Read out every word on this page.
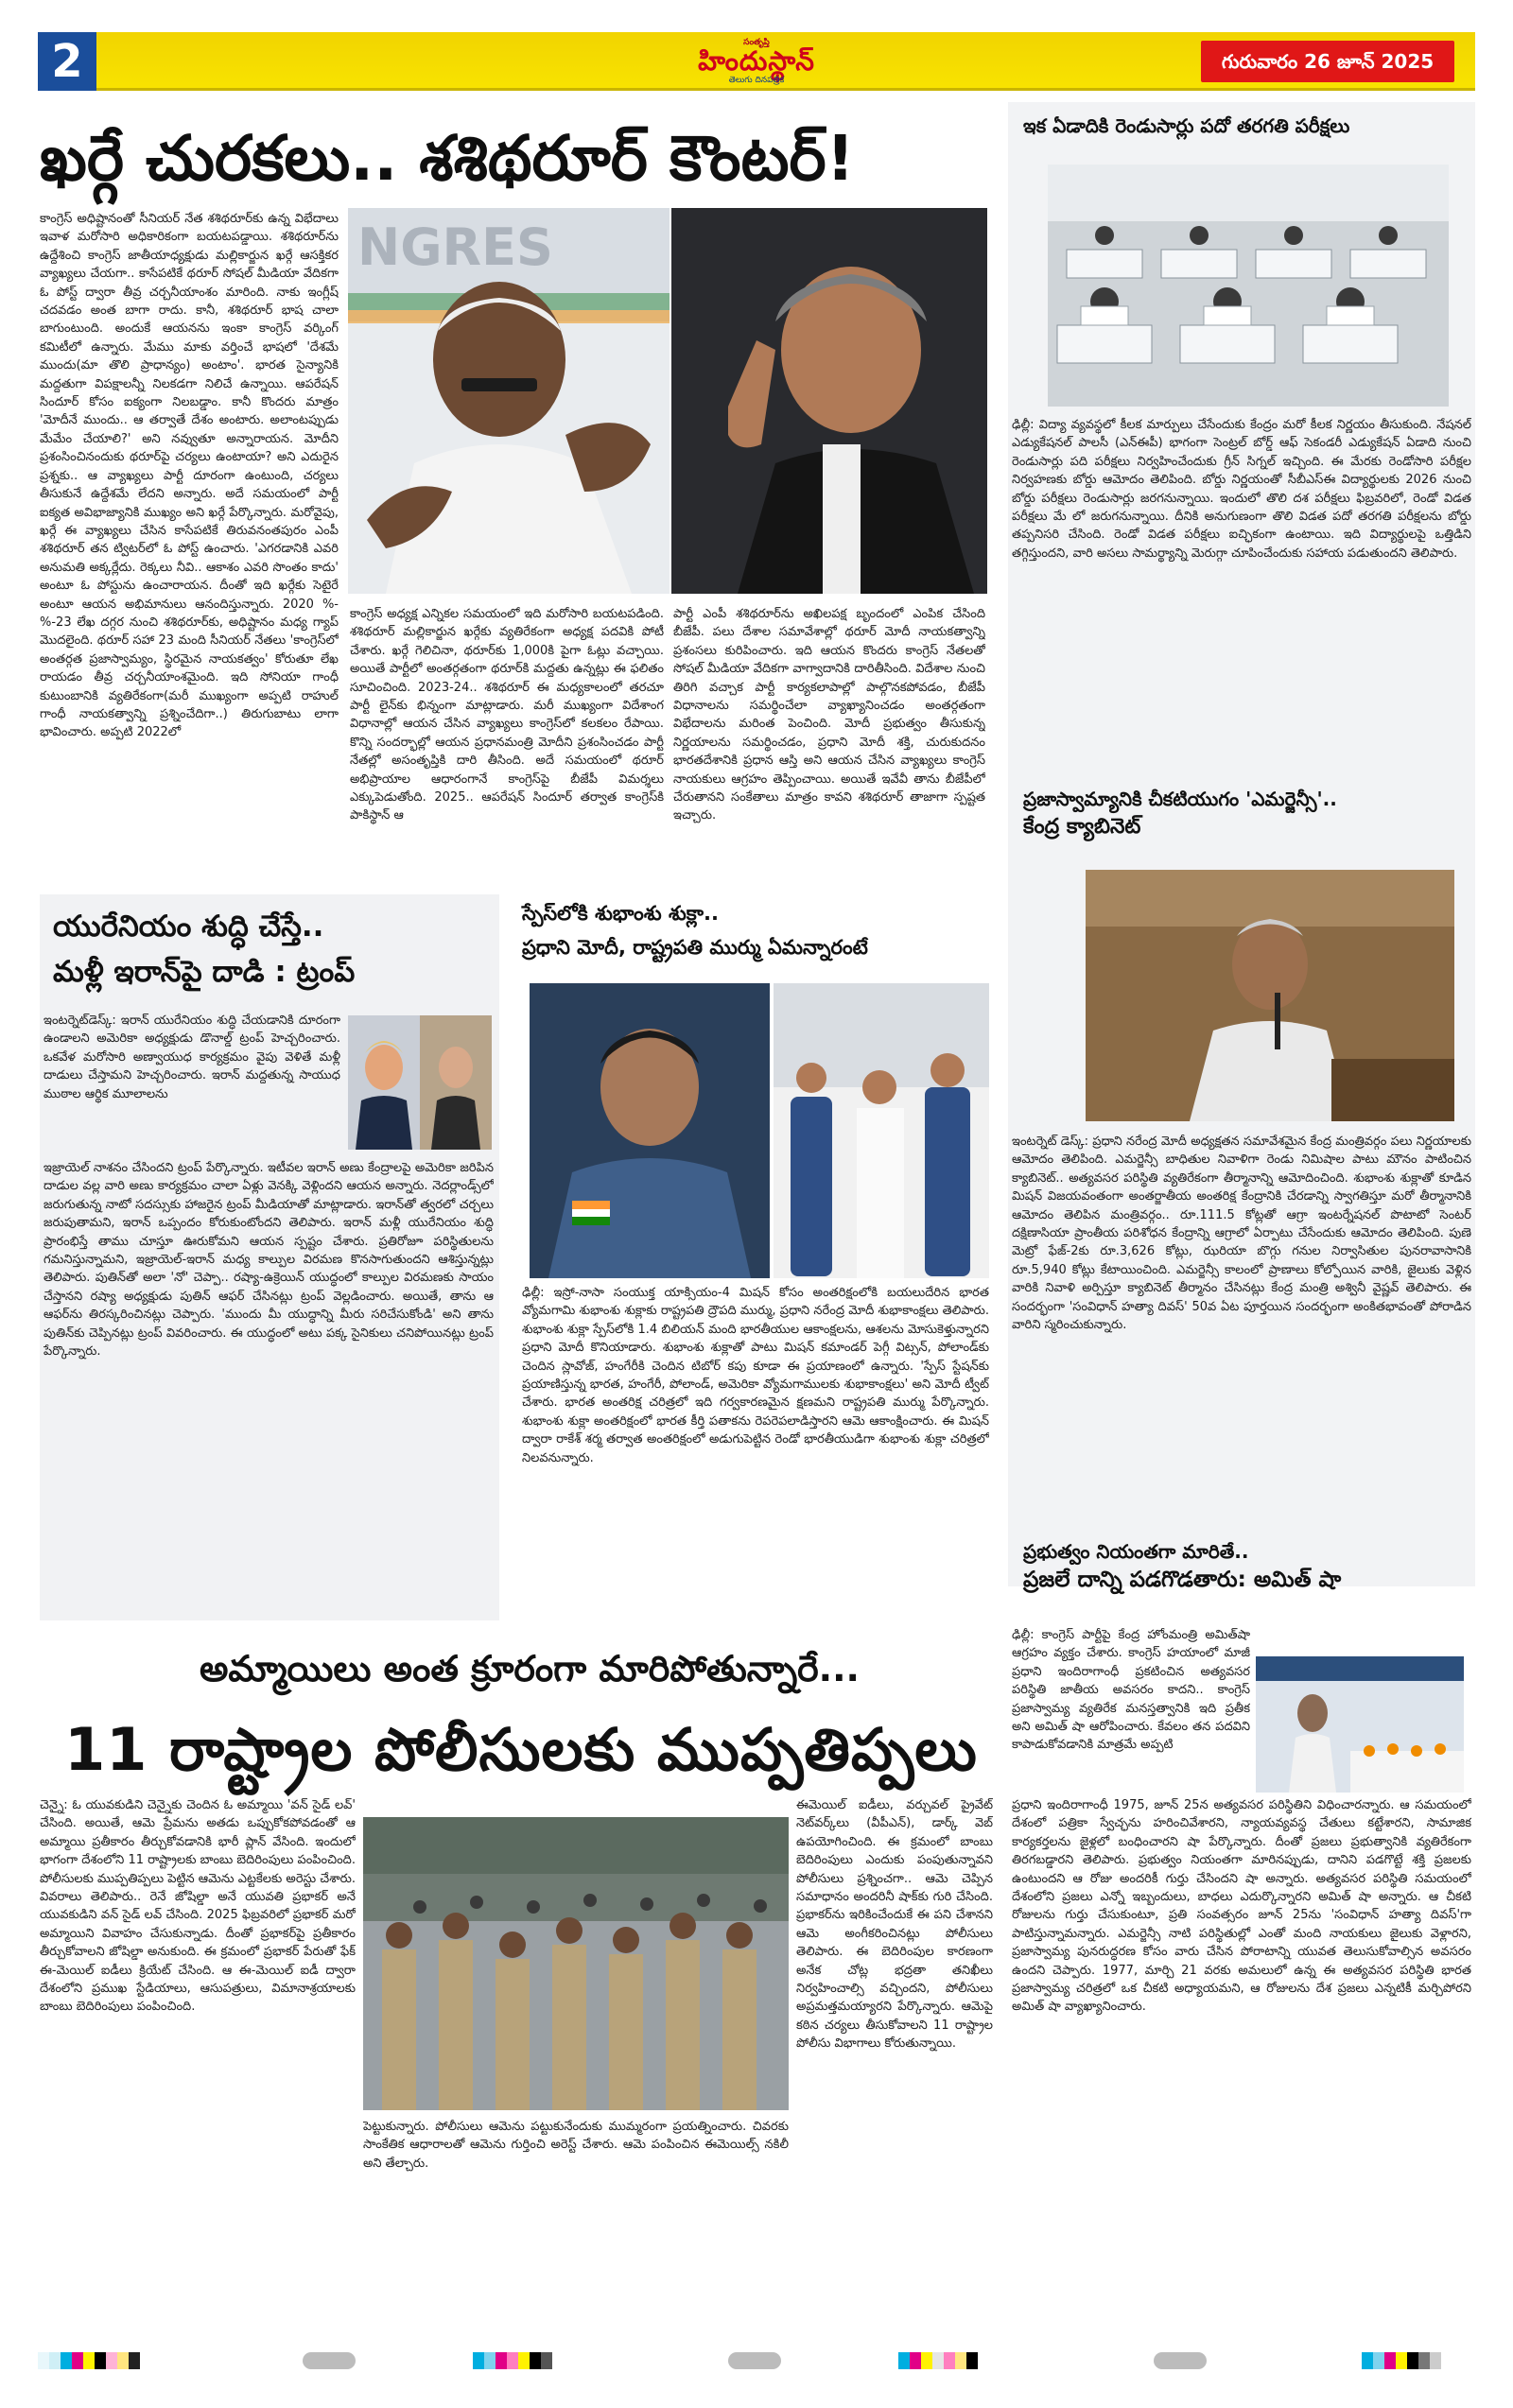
2	సంతృప్తి
హిందుస్థాన్
తెలుగు దినపత్రిక
గురువారం 26 జూన్ 2025
ఖర్గే చురకలు.. శశిథరూర్ కౌంటర్!
కాంగ్రెస్ అధిష్టానంతో సీనియర్ నేత శశిథరూర్‌కు ఉన్న విభేదాలు ఇవాళ మరోసారి అధికారికంగా బయటపడ్డాయి. శశిథరూర్‌ను ఉద్దేశించి కాంగ్రెస్ జాతీయాధ్యక్షుడు మల్లికార్జున ఖర్గే ఆసక్తికర వ్యాఖ్యలు చేయగా.. కాసేపటికే థరూర్ సోషల్ మీడియా వేదికగా ఓ పోస్ట్ ద్వారా తీవ్ర చర్చనీయాంశం మారింది. నాకు ఇంగ్లీష్ చదవడం అంత బాగా రాదు. కానీ, శశిథరూర్ భాష చాలా బాగుంటుంది. అందుకే ఆయనను ఇంకా కాంగ్రెస్ వర్కింగ్ కమిటీలో ఉన్నారు. మేము మాకు వర్తించే భాషలో 'దేశమే ముందు(మా తొలి ప్రాధాన్యం) అంటాం'. భారత సైన్యానికి మద్దతుగా విపక్షాలన్నీ నిలకడగా నిలిచే ఉన్నాయి. ఆపరేషన్ సిందూర్ కోసం ఐక్యంగా నిలబడ్డాం. కానీ కొందరు మాత్రం 'మోదీనే ముందు.. ఆ తర్వాతే దేశం అంటారు. అలాంటప్పుడు మేమేం చేయాలి?' అని నవ్వుతూ అన్నారాయన. మోదీని ప్రశంసించినందుకు థరూర్‌పై చర్యలు ఉంటాయా? అని ఎదురైన ప్రశ్నకు.. ఆ వ్యాఖ్యలు పార్టీ దూరంగా ఉంటుంది, చర్యలు తీసుకునే ఉద్దేశమే లేదని అన్నారు. అదే సమయంలో పార్టీ ఐక్యత అవిభాజ్యానికి ముఖ్యం అని ఖర్గే పేర్కొన్నారు. మరోవైపు, ఖర్గే ఈ వ్యాఖ్యలు చేసిన కాసేపటికే తిరువనంతపురం ఎంపీ శశిథరూర్ తన ట్విటర్‌లో ఓ పోస్ట్ ఉంచారు. 'ఎగరడానికి ఎవరి అనుమతి అక్కర్లేదు. రెక్కలు నీవి.. ఆకాశం ఎవరి సొంతం కాదు' అంటూ ఓ పోస్టును ఉంచారాయన. దీంతో ఇది ఖర్గేకు సెటైరే అంటూ ఆయన అభిమానులు ఆనందిస్తున్నారు. 2020 %-%-23 లేఖ దగ్గర నుంచి శశిథరూర్‌కు, అధిష్టానం మధ్య గ్యాప్ మొదలైంది. థరూర్ సహా 23 మంది సీనియర్ నేతలు 'కాంగ్రెస్‌లో అంతర్గత ప్రజాస్వామ్యం, స్థిరమైన నాయకత్వం' కోరుతూ లేఖ రాయడం తీవ్ర చర్చనీయాంశమైంది. ఇది సోనియా గాంధీ కుటుంబానికి వ్యతిరేకంగా(మరీ ముఖ్యంగా అప్పటి రాహుల్ గాంధీ నాయకత్వాన్ని ప్రశ్నించేదిగా..) తిరుగుబాటు లాగా భావించారు. అప్పటి 2022లో
NGRES
కాంగ్రెస్ అధ్యక్ష ఎన్నికల సమయంలో ఇది మరోసారి బయటపడింది. శశిథరూర్ మల్లికార్జున ఖర్గేకు వ్యతిరేకంగా అధ్యక్ష పదవికి పోటీ చేశారు. ఖర్గే గెలిచినా, థరూర్‌కు 1,000కి పైగా ఓట్లు వచ్చాయి. అయితే పార్టీలో అంతర్గతంగా థరూర్‌కి మద్దతు ఉన్నట్లు ఈ ఫలితం సూచించింది. 2023-24.. శశిథరూర్ ఈ మధ్యకాలంలో తరచూ పార్టీ లైన్‌కు భిన్నంగా మాట్లాడారు. మరీ ముఖ్యంగా విదేశాంగ విధానాల్లో ఆయన చేసిన వ్యాఖ్యలు కాంగ్రెస్‌లో కలకలం రేపాయి. కొన్ని సందర్భాల్లో ఆయన ప్రధానమంత్రి మోదీని ప్రశంసించడం పార్టీ నేతల్లో అసంతృప్తికి దారి తీసింది. అదే సమయంలో థరూర్ అభిప్రాయాల ఆధారంగానే కాంగ్రెస్‌పై బీజేపీ విమర్శలు ఎక్కుపెడుతోంది. 2025.. ఆపరేషన్ సిందూర్ తర్వాత కాంగ్రెస్‌కి పాకిస్థాన్ ఆ
పార్టీ ఎంపీ శశిథరూర్‌ను అఖిలపక్ష బృందంలో ఎంపిక చేసింది బీజేపీ. పలు దేశాల సమావేశాల్లో థరూర్ మోదీ నాయకత్వాన్ని ప్రశంసలు కురిపించారు. ఇది ఆయన కొందరు కాంగ్రెస్ నేతలతో సోషల్ మీడియా వేదికగా వాగ్వాదానికి దారితీసింది. విదేశాల నుంచి తిరిగి వచ్చాక పార్టీ కార్యకలాపాల్లో పాల్గొనకపోవడం, బీజేపీ విధానాలను సమర్థించేలా వ్యాఖ్యానించడం అంతర్గతంగా విభేదాలను మరింత పెంచింది. మోదీ ప్రభుత్వం తీసుకున్న నిర్ణయాలను సమర్థించడం, ప్రధాని మోదీ శక్తి, చురుకుదనం భారతదేశానికి ప్రధాన ఆస్తి అని ఆయన చేసిన వ్యాఖ్యలు కాంగ్రెస్ నాయకులు ఆగ్రహం తెప్పించాయి. అయితే ఇవేవీ తాను బీజేపీలో చేరుతానని సంకేతాలు మాత్రం కావని శశిథరూర్ తాజాగా స్పష్టత ఇచ్చారు.
ఇక ఏడాదికి రెండుసార్లు పదో తరగతి పరీక్షలు
ఢిల్లీ: విద్యా వ్యవస్థలో కీలక మార్పులు చేసేందుకు కేంద్రం మరో కీలక నిర్ణయం తీసుకుంది. నేషనల్ ఎడ్యుకేషనల్ పాలసీ (ఎన్‌ఈపీ) భాగంగా సెంట్రల్ బోర్డ్ ఆఫ్ సెకండరీ ఎడ్యుకేషన్ ఏడాది నుంచి రెండుసార్లు పది పరీక్షలు నిర్వహించేందుకు గ్రీన్ సిగ్నల్ ఇచ్చింది. ఈ మేరకు రెండోసారి పరీక్షల నిర్వహణకు బోర్డు ఆమోదం తెలిపింది. బోర్డు నిర్ణయంతో సీబీఎస్‌ఈ విద్యార్థులకు 2026 నుంచి బోర్డు పరీక్షలు రెండుసార్లు జరగనున్నాయి. ఇందులో తొలి దశ పరీక్షలు ఫిబ్రవరిలో, రెండో విడత పరీక్షలు మే లో జరుగనున్నాయి. దీనికి అనుగుణంగా తొలి విడత పదో తరగతి పరీక్షలను బోర్డు తప్పనిసరి చేసింది. రెండో విడత పరీక్షలు ఐచ్ఛికంగా ఉంటాయి. ఇది విద్యార్థులపై ఒత్తిడిని తగ్గిస్తుందని, వారి అసలు సామర్థ్యాన్ని మెరుగ్గా చూపించేందుకు సహాయ పడుతుందని తెలిపారు.
ప్రజాస్వామ్యానికి చీకటియుగం 'ఎమర్జెన్సీ'..
కేంద్ర క్యాబినెట్
ఇంటర్నెట్ డెస్క్: ప్రధాని నరేంద్ర మోదీ అధ్యక్షతన సమావేశమైన కేంద్ర మంత్రివర్గం పలు నిర్ణయాలకు ఆమోదం తెలిపింది. ఎమర్జెన్సీ బాధితుల నివాళిగా రెండు నిమిషాల పాటు మౌనం పాటించిన క్యాబినెట్.. అత్యవసర పరిస్థితి వ్యతిరేకంగా తీర్మానాన్ని ఆమోదించింది. శుభాంశు శుక్లాతో కూడిన మిషన్ విజయవంతంగా అంతర్జాతీయ అంతరిక్ష కేంద్రానికి చేరడాన్ని స్వాగతిస్తూ మరో తీర్మానానికి ఆమోదం తెలిపిన మంత్రివర్గం.. రూ.111.5 కోట్లతో ఆగ్రా ఇంటర్నేషనల్ పొటాటో సెంటర్ దక్షిణాసియా ప్రాంతీయ పరిశోధన కేంద్రాన్ని ఆగ్రాలో ఏర్పాటు చేసేందుకు ఆమోదం తెలిపింది. పుణె మెట్రో ఫేజ్-2కు రూ.3,626 కోట్లు, ఝరియా బొగ్గు గనుల నిర్వాసితుల పునరావాసానికి రూ.5,940 కోట్లు కేటాయించింది. ఎమర్జెన్సీ కాలంలో ప్రాణాలు కోల్పోయిన వారికి, జైలుకు వెళ్లిన వారికి నివాళి అర్పిస్తూ క్యాబినెట్ తీర్మానం చేసినట్లు కేంద్ర మంత్రి అశ్వినీ వైష్ణవ్ తెలిపారు. ఈ సందర్భంగా 'సంవిధాన్ హత్యా దివస్' 50వ ఏట పూర్తయిన సందర్భంగా అంకితభావంతో పోరాడిన వారిని స్మరించుకున్నారు.
ప్రభుత్వం నియంతగా మారితే..
ప్రజలే దాన్ని పడగొడతారు: అమిత్ షా
ఢిల్లీ: కాంగ్రెస్ పార్టీపై కేంద్ర హోంమంత్రి అమిత్‌షా ఆగ్రహం వ్యక్తం చేశారు. కాంగ్రెస్ హయాంలో మాజీ ప్రధాని ఇందిరాగాంధీ ప్రకటించిన అత్యవసర పరిస్థితి జాతీయ అవసరం కాదని.. కాంగ్రెస్ ప్రజాస్వామ్య వ్యతిరేక మనస్తత్వానికి ఇది ప్రతీక అని అమిత్ షా ఆరోపించారు. కేవలం తన పదవిని కాపాడుకోవడానికి మాత్రమే అప్పటి
ప్రధాని ఇందిరాగాంధీ 1975, జూన్ 25న అత్యవసర పరిస్థితిని విధించారన్నారు. ఆ సమయంలో దేశంలో పత్రికా స్వేచ్ఛను హరించివేశారని, న్యాయవ్యవస్థ చేతులు కట్టేశారని, సామాజిక కార్యకర్తలను జైళ్లలో బంధించారని షా పేర్కొన్నారు. దీంతో ప్రజలు ప్రభుత్వానికి వ్యతిరేకంగా తిరగబడ్డారని తెలిపారు. ప్రభుత్వం నియంతగా మారినప్పుడు, దానిని పడగొట్టే శక్తి ప్రజలకు ఉంటుందని ఆ రోజు అందరికీ గుర్తు చేసిందని షా అన్నారు. అత్యవసర పరిస్థితి సమయంలో దేశంలోని ప్రజలు ఎన్నో ఇబ్బందులు, బాధలు ఎదుర్కొన్నారని అమిత్ షా అన్నారు. ఆ చీకటి రోజులను గుర్తు చేసుకుంటూ, ప్రతి సంవత్సరం జూన్ 25ను 'సంవిధాన్ హత్యా దివస్'గా పాటిస్తున్నామన్నారు. ఎమర్జెన్సీ నాటి పరిస్థితుల్లో ఎంతో మంది నాయకులు జైలుకు వెళ్లారని, ప్రజాస్వామ్య పునరుద్ధరణ కోసం వారు చేసిన పోరాటాన్ని యువత తెలుసుకోవాల్సిన అవసరం ఉందని చెప్పారు. 1977, మార్చి 21 వరకు అమలులో ఉన్న ఈ అత్యవసర పరిస్థితి భారత ప్రజాస్వామ్య చరిత్రలో ఒక చీకటి అధ్యాయమని, ఆ రోజులను దేశ ప్రజలు ఎన్నటికీ మర్చిపోరని అమిత్ షా వ్యాఖ్యానించారు.
యురేనియం శుద్ధి చేస్తే..
మళ్లీ ఇరాన్‌పై దాడి : ట్రంప్
ఇంటర్నెట్‌డెస్క్: ఇరాన్ యురేనియం శుద్ధి చేయడానికి దూరంగా ఉండాలని అమెరికా అధ్యక్షుడు డొనాల్డ్ ట్రంప్ హెచ్చరించారు. ఒకవేళ మరోసారి అణ్వాయుధ కార్యక్రమం వైపు వెళితే మళ్లీ దాడులు చేస్తామని హెచ్చరించారు. ఇరాన్ మద్దతున్న సాయుధ ముఠాల ఆర్థిక మూలాలను
ఇజ్రాయెల్ నాశనం చేసిందని ట్రంప్ పేర్కొన్నారు. ఇటీవల ఇరాన్ అణు కేంద్రాలపై అమెరికా జరిపిన దాడుల వల్ల వారి అణు కార్యక్రమం చాలా ఏళ్లు వెనక్కి వెళ్లిందని ఆయన అన్నారు. నెదర్లాండ్స్‌లో జరుగుతున్న నాటో సదస్సుకు హాజరైన ట్రంప్ మీడియాతో మాట్లాడారు. ఇరాన్‌తో త్వరలో చర్చలు జరుపుతామని, ఇరాన్ ఒప్పందం కోరుకుంటోందని తెలిపారు. ఇరాన్ మళ్లీ యురేనియం శుద్ధి ప్రారంభిస్తే తాము చూస్తూ ఊరుకోమని ఆయన స్పష్టం చేశారు. ప్రతిరోజూ పరిస్థితులను గమనిస్తున్నామని, ఇజ్రాయెల్-ఇరాన్ మధ్య కాల్పుల విరమణ కొనసాగుతుందని ఆశిస్తున్నట్లు తెలిపారు. పుతిన్‌తో అలా 'నో' చెప్పా.. రష్యా-ఉక్రెయిన్ యుద్ధంలో కాల్పుల విరమణకు సాయం చేస్తానని రష్యా అధ్యక్షుడు పుతిన్ ఆఫర్ చేసినట్లు ట్రంప్ వెల్లడించారు. అయితే, తాను ఆ ఆఫర్‌ను తిరస్కరించినట్లు చెప్పారు. 'ముందు మీ యుద్ధాన్ని మీరు సరిచేసుకోండి' అని తాను పుతిన్‌కు చెప్పినట్లు ట్రంప్ వివరించారు. ఈ యుద్ధంలో అటు పక్క సైనికులు చనిపోయినట్లు ట్రంప్ పేర్కొన్నారు.
స్పేస్‌లోకి శుభాంశు శుక్లా..
ప్రధాని మోదీ, రాష్ట్రపతి ముర్ము ఏమన్నారంటే
ఢిల్లీ: ఇస్రో-నాసా సంయుక్త యాక్సియం-4 మిషన్ కోసం అంతరిక్షంలోకి బయలుదేరిన భారత వ్యోమగామి శుభాంశు శుక్లాకు రాష్ట్రపతి ద్రౌపది ముర్ము, ప్రధాని నరేంద్ర మోదీ శుభాకాంక్షలు తెలిపారు. శుభాంశు శుక్లా స్పేస్‌లోకి 1.4 బిలియన్ మంది భారతీయుల ఆకాంక్షలను, ఆశలను మోసుకెళ్తున్నారని ప్రధాని మోదీ కొనియాడారు. శుభాంశు శుక్లాతో పాటు మిషన్ కమాండర్ పెగ్గీ విట్సన్, పోలాండ్‌కు చెందిన స్లావోజ్, హంగేరీకి చెందిన టిబోర్ కపు కూడా ఈ ప్రయాణంలో ఉన్నారు. 'స్పేస్ స్టేషన్‌కు ప్రయాణిస్తున్న భారత, హంగేరీ, పోలాండ్, అమెరికా వ్యోమగాములకు శుభాకాంక్షలు' అని మోదీ ట్వీట్ చేశారు. భారత అంతరిక్ష చరిత్రలో ఇది గర్వకారణమైన క్షణమని రాష్ట్రపతి ముర్ము పేర్కొన్నారు. శుభాంశు శుక్లా అంతరిక్షంలో భారత కీర్తి పతాకను రెపరెపలాడిస్తారని ఆమె ఆకాంక్షించారు. ఈ మిషన్ ద్వారా రాకేశ్ శర్మ తర్వాత అంతరిక్షంలో అడుగుపెట్టిన రెండో భారతీయుడిగా శుభాంశు శుక్లా చరిత్రలో నిలవనున్నారు.
అమ్మాయిలు అంత క్రూరంగా మారిపోతున్నారే...
11 రాష్ట్రాల పోలీసులకు ముప్పతిప్పలు
చెన్నై: ఓ యువకుడిని చెన్నైకు చెందిన ఓ అమ్మాయి 'వన్ సైడ్ లవ్' చేసింది. అయితే, ఆమె ప్రేమను అతడు ఒప్పుకోకపోవడంతో ఆ అమ్మాయి ప్రతీకారం తీర్చుకోవడానికి భారీ ప్లాన్ వేసింది. ఇందులో భాగంగా దేశంలోని 11 రాష్ట్రాలకు బాంబు బెదిరింపులు పంపించింది. పోలీసులకు ముప్పతిప్పలు పెట్టిన ఆమెను ఎట్టకేలకు అరెస్టు చేశారు. వివరాలు తెలిపారు.. రెనే జోషిల్డా అనే యువతి ప్రభాకర్ అనే యువకుడిని వన్ సైడ్ లవ్ చేసింది. 2025 ఫిబ్రవరిలో ప్రభాకర్ మరో అమ్మాయిని వివాహం చేసుకున్నాడు. దీంతో ప్రభాకర్‌పై ప్రతీకారం తీర్చుకోవాలని జోషిల్డా అనుకుంది. ఈ క్రమంలో ప్రభాకర్ పేరుతో ఫేక్ ఈ-మెయిల్ ఐడీలు క్రియేట్ చేసింది. ఆ ఈ-మెయిల్ ఐడీ ద్వారా దేశంలోని ప్రముఖ స్టేడియాలు, ఆసుపత్రులు, విమానాశ్రయాలకు బాంబు బెదిరింపులు పంపించింది.
పెట్టుకున్నారు. పోలీసులు ఆమెను పట్టుకునేందుకు ముమ్మరంగా ప్రయత్నించారు. చివరకు సాంకేతిక ఆధారాలతో ఆమెను గుర్తించి అరెస్ట్ చేశారు. ఆమె పంపించిన ఈమెయిల్స్ నకిలీ అని తేల్చారు.
ఈమెయిల్ ఐడీలు, వర్చువల్ ప్రైవేట్ నెట్‌వర్క్‌లు (వీపీఎన్), డార్క్ వెబ్ ఉపయోగించింది. ఈ క్రమంలో బాంబు బెదిరింపులు ఎందుకు పంపుతున్నావని పోలీసులు ప్రశ్నించగా.. ఆమె చెప్పిన సమాధానం అందరినీ షాక్‌కు గురి చేసింది. ప్రభాకర్‌ను ఇరికించేందుకే ఈ పని చేశానని ఆమె అంగీకరించినట్లు పోలీసులు తెలిపారు. ఈ బెదిరింపుల కారణంగా అనేక చోట్ల భద్రతా తనిఖీలు నిర్వహించాల్సి వచ్చిందని, పోలీసులు అప్రమత్తమయ్యారని పేర్కొన్నారు. ఆమెపై కఠిన చర్యలు తీసుకోవాలని 11 రాష్ట్రాల పోలీసు విభాగాలు కోరుతున్నాయి.
